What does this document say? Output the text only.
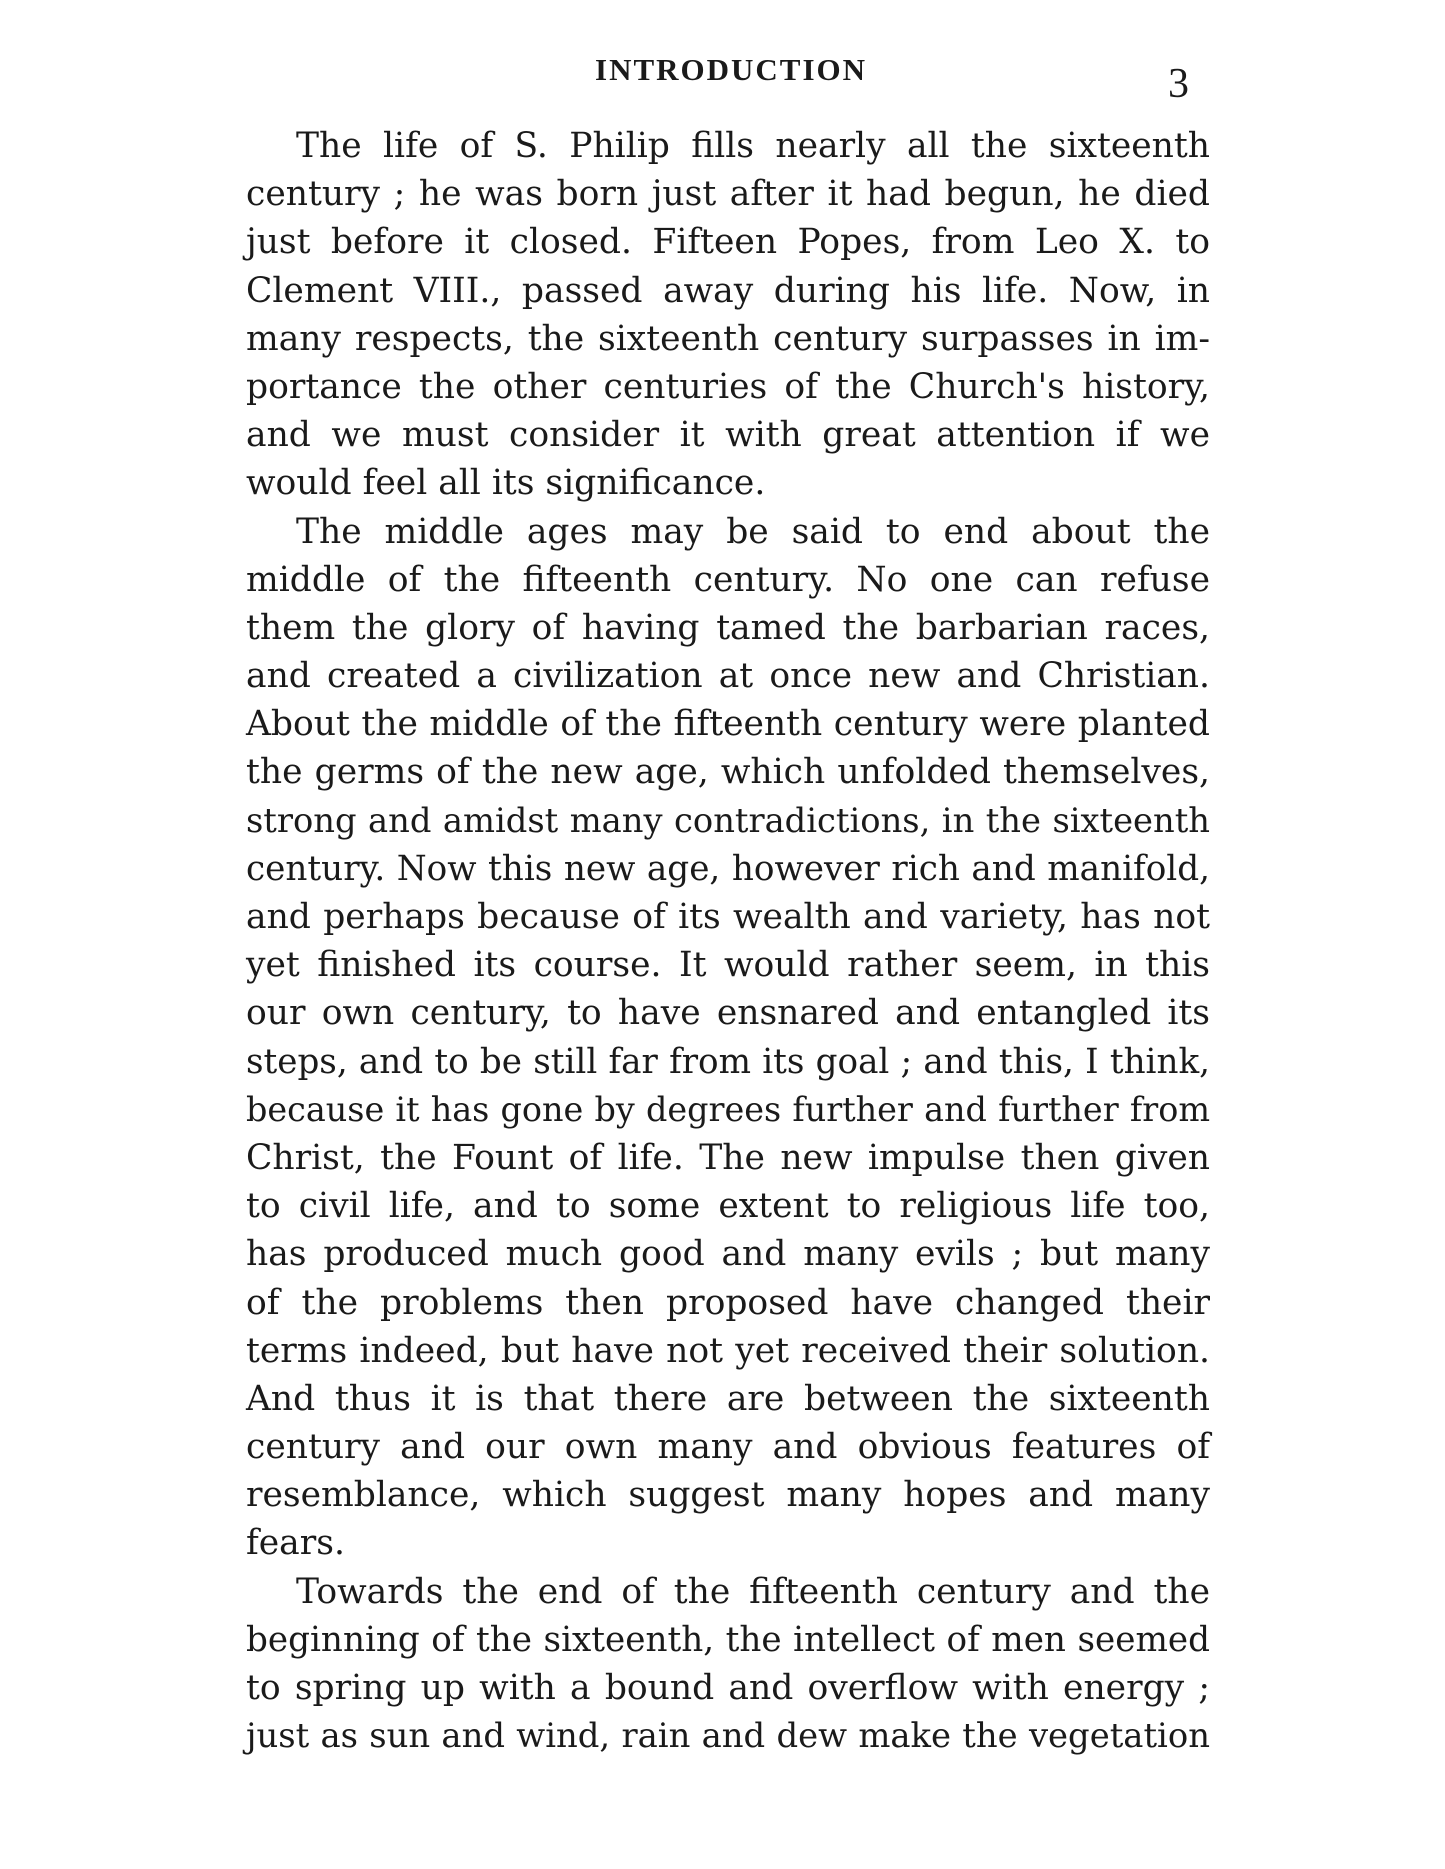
INTRODUCTION	3
The life of S. Philip fills nearly all the sixteenth
century ; he was born just after it had begun, he died
just before it closed. Fifteen Popes, from Leo X. to
Clement VIII., passed away during his life. Now, in
many respects, the sixteenth century surpasses in im-
portance the other centuries of the Church's history,
and we must consider it with great attention if we
would feel all its significance.
The middle ages may be said to end about the
middle of the fifteenth century. No one can refuse
them the glory of having tamed the barbarian races,
and created a civilization at once new and Christian.
About the middle of the fifteenth century were planted
the germs of the new age, which unfolded themselves,
strong and amidst many contradictions, in the sixteenth
century. Now this new age, however rich and manifold,
and perhaps because of its wealth and variety, has not
yet finished its course. It would rather seem, in this
our own century, to have ensnared and entangled its
steps, and to be still far from its goal ; and this, I think,
because it has gone by degrees further and further from
Christ, the Fount of life. The new impulse then given
to civil life, and to some extent to religious life too,
has produced much good and many evils ; but many
of the problems then proposed have changed their
terms indeed, but have not yet received their solution.
And thus it is that there are between the sixteenth
century and our own many and obvious features of
resemblance, which suggest many hopes and many
fears.
Towards the end of the fifteenth century and the
beginning of the sixteenth, the intellect of men seemed
to spring up with a bound and overflow with energy ;
just as sun and wind, rain and dew make the vegetation
